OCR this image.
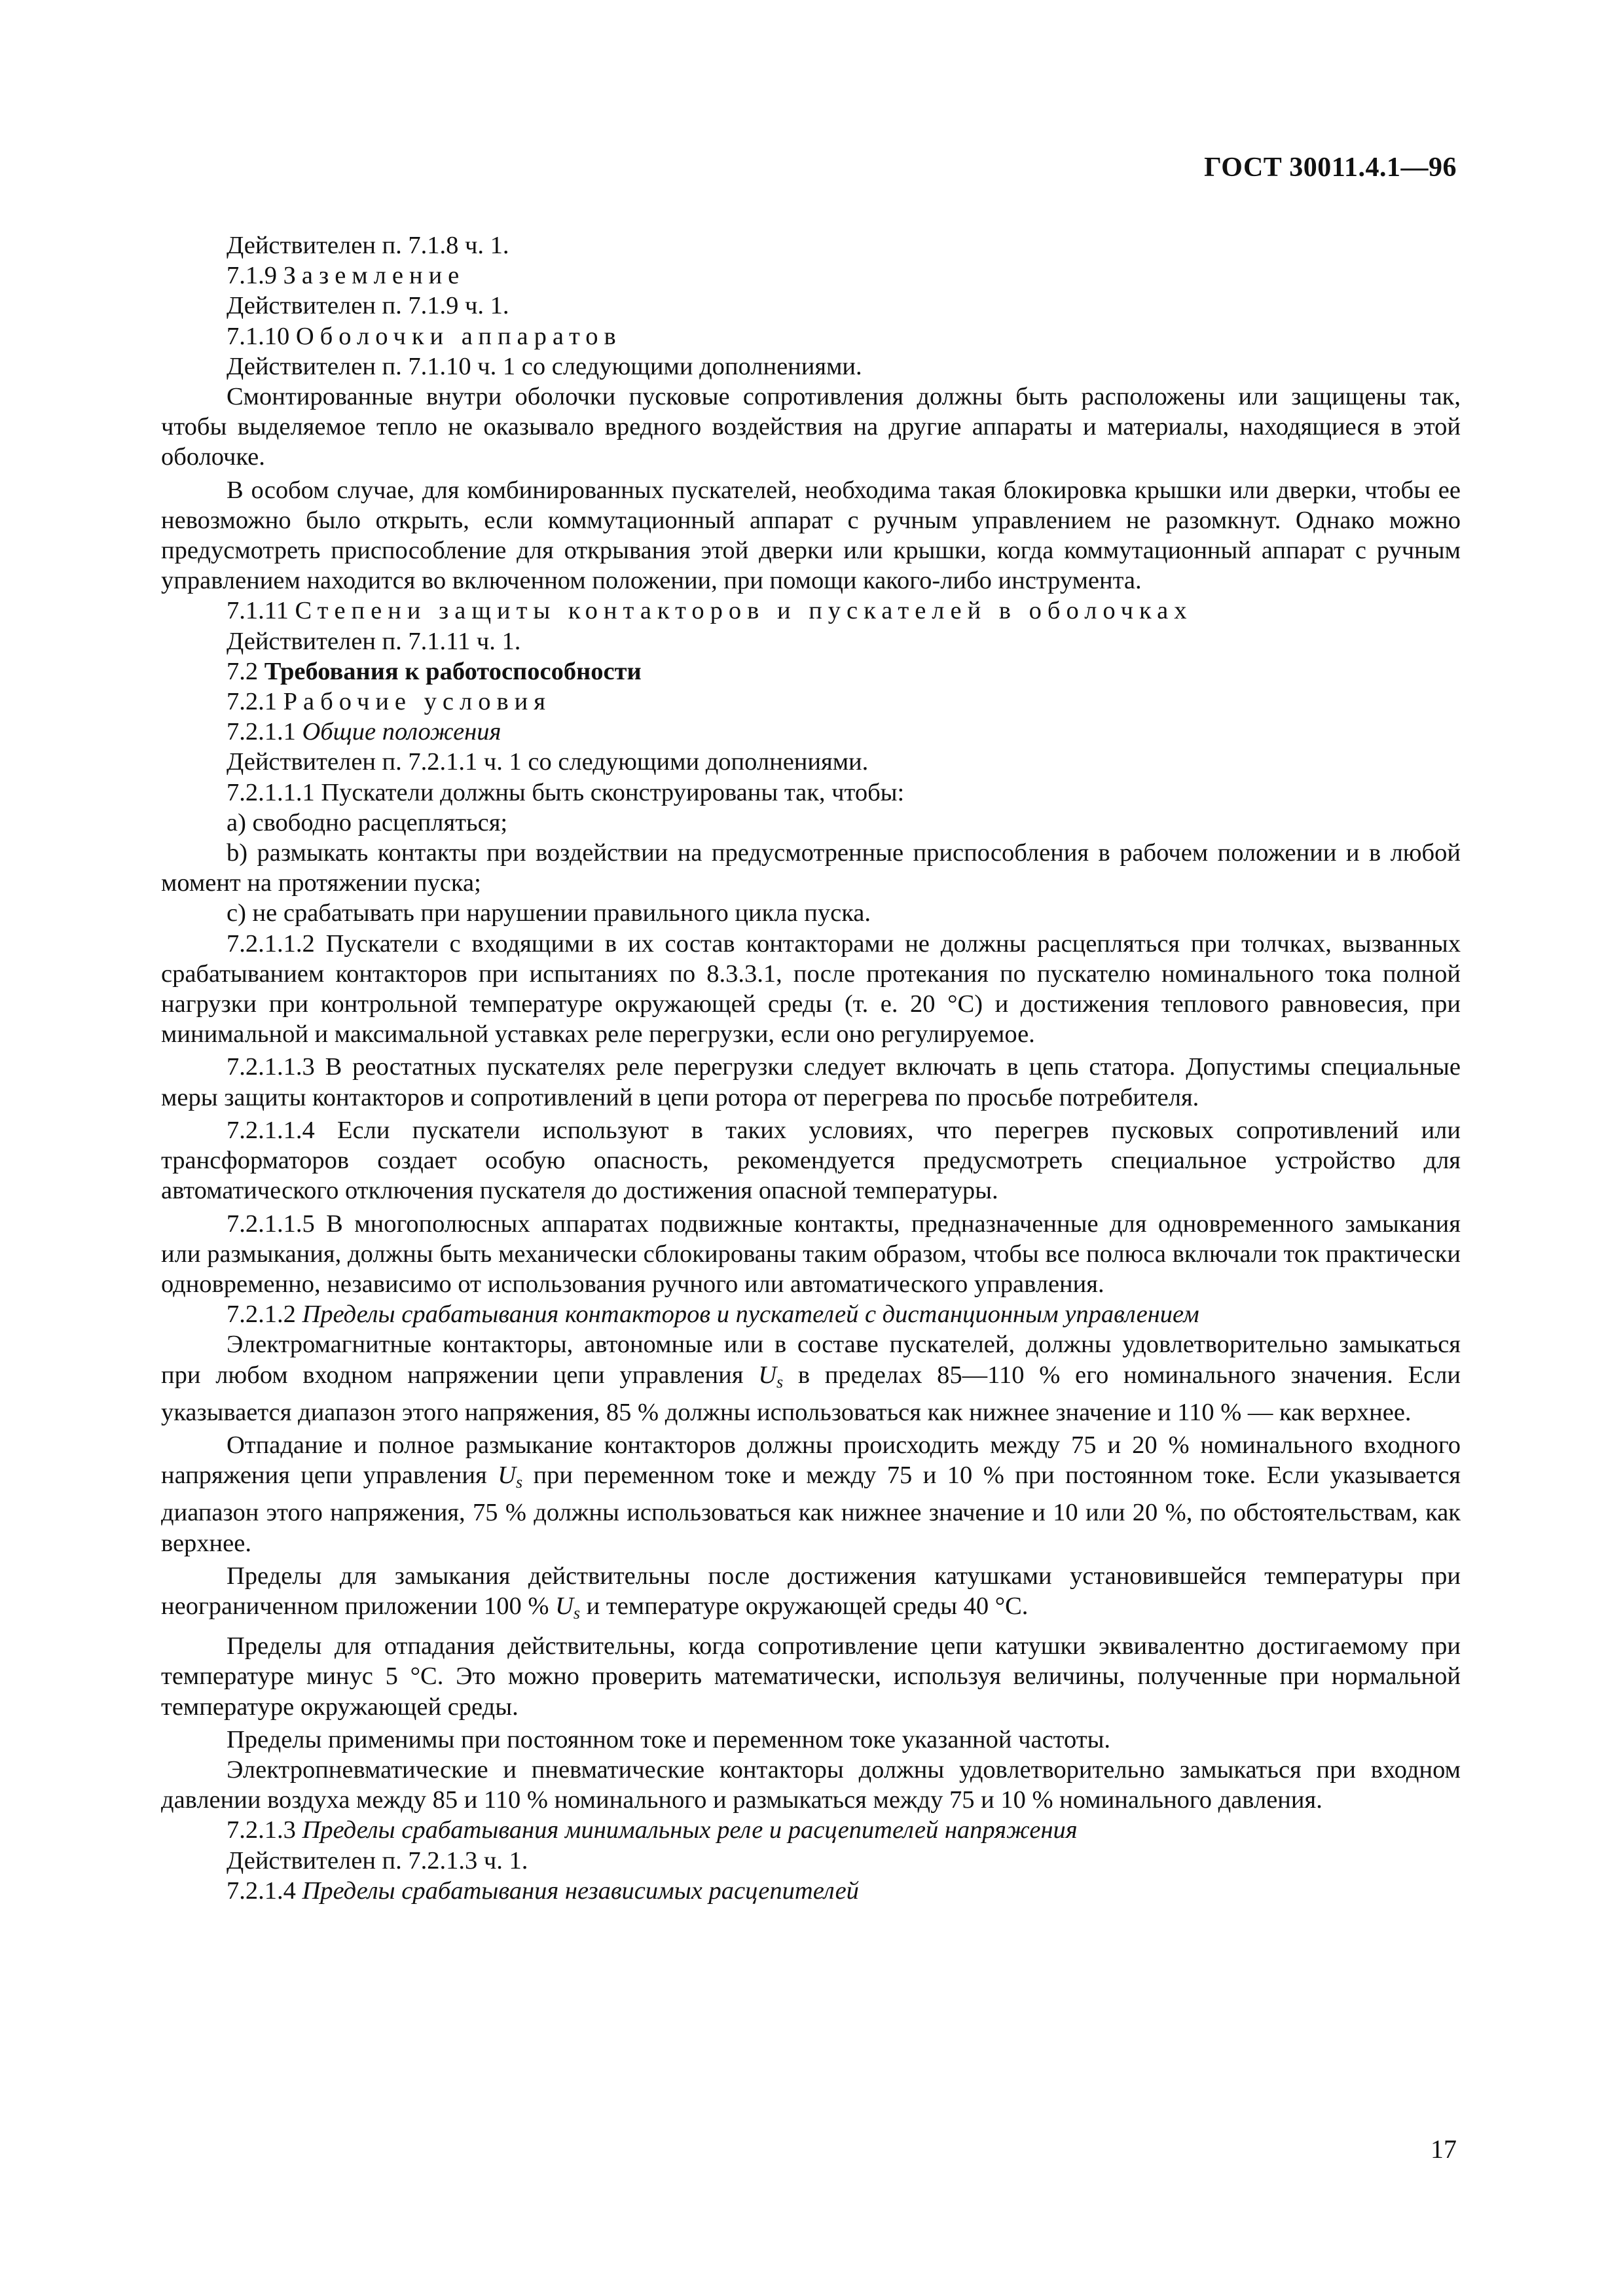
ГОСТ 30011.4.1—96

Действителен п. 7.1.8 ч. 1.

7.1.9 Заземление

Действителен п. 7.1.9 ч. 1.

7.1.10 Оболочки аппаратов

Действителен п. 7.1.10 ч. 1 со следующими дополнениями.

Смонтированные внутри оболочки пусковые сопротивления должны быть расположены или защищены так, чтобы выделяемое тепло не оказывало вредного воздействия на другие аппараты и материалы, находящиеся в этой оболочке.

В особом случае, для комбинированных пускателей, необходима такая блокировка крышки или дверки, чтобы ее невозможно было открыть, если коммутационный аппарат с ручным управлением не разомкнут. Однако можно предусмотреть приспособление для открывания этой дверки или крышки, когда коммутационный аппарат с ручным управлением находится во включенном положении, при помощи какого-либо инструмента.

7.1.11 Степени защиты контакторов и пускателей в оболочках

Действителен п. 7.1.11 ч. 1.

7.2 Требования к работоспособности

7.2.1 Рабочие условия

7.2.1.1 Общие положения

Действителен п. 7.2.1.1 ч. 1 со следующими дополнениями.

7.2.1.1.1 Пускатели должны быть сконструированы так, чтобы:

a) свободно расцепляться;

b) размыкать контакты при воздействии на предусмотренные приспособления в рабочем положении и в любой момент на протяжении пуска;

c) не срабатывать при нарушении правильного цикла пуска.

7.2.1.1.2 Пускатели с входящими в их состав контакторами не должны расцепляться при толчках, вызванных срабатыванием контакторов при испытаниях по 8.3.3.1, после протекания по пускателю номинального тока полной нагрузки при контрольной температуре окружающей среды (т. е. 20 °С) и достижения теплового равновесия, при минимальной и максимальной уставках реле перегрузки, если оно регулируемое.

7.2.1.1.3 В реостатных пускателях реле перегрузки следует включать в цепь статора. Допустимы специальные меры защиты контакторов и сопротивлений в цепи ротора от перегрева по просьбе потребителя.

7.2.1.1.4 Если пускатели используют в таких условиях, что перегрев пусковых сопротивлений или трансформаторов создает особую опасность, рекомендуется предусмотреть специальное устройство для автоматического отключения пускателя до достижения опасной температуры.

7.2.1.1.5 В многополюсных аппаратах подвижные контакты, предназначенные для одновременного замыкания или размыкания, должны быть механически сблокированы таким образом, чтобы все полюса включали ток практически одновременно, независимо от использования ручного или автоматического управления.

7.2.1.2 Пределы срабатывания контакторов и пускателей с дистанционным управлением

Электромагнитные контакторы, автономные или в составе пускателей, должны удовлетворительно замыкаться при любом входном напряжении цепи управления Us в пределах 85—110 % его номинального значения. Если указывается диапазон этого напряжения, 85 % должны использоваться как нижнее значение и 110 % — как верхнее.

Отпадание и полное размыкание контакторов должны происходить между 75 и 20 % номинального входного напряжения цепи управления Us при переменном токе и между 75 и 10 % при постоянном токе. Если указывается диапазон этого напряжения, 75 % должны использоваться как нижнее значение и 10 или 20 %, по обстоятельствам, как верхнее.

Пределы для замыкания действительны после достижения катушками установившейся температуры при неограниченном приложении 100 % Us и температуре окружающей среды 40 °С.

Пределы для отпадания действительны, когда сопротивление цепи катушки эквивалентно достигаемому при температуре минус 5 °С. Это можно проверить математически, используя величины, полученные при нормальной температуре окружающей среды.

Пределы применимы при постоянном токе и переменном токе указанной частоты.

Электропневматические и пневматические контакторы должны удовлетворительно замыкаться при входном давлении воздуха между 85 и 110 % номинального и размыкаться между 75 и 10 % номинального давления.

7.2.1.3 Пределы срабатывания минимальных реле и расцепителей напряжения

Действителен п. 7.2.1.3 ч. 1.

7.2.1.4 Пределы срабатывания независимых расцепителей

17
